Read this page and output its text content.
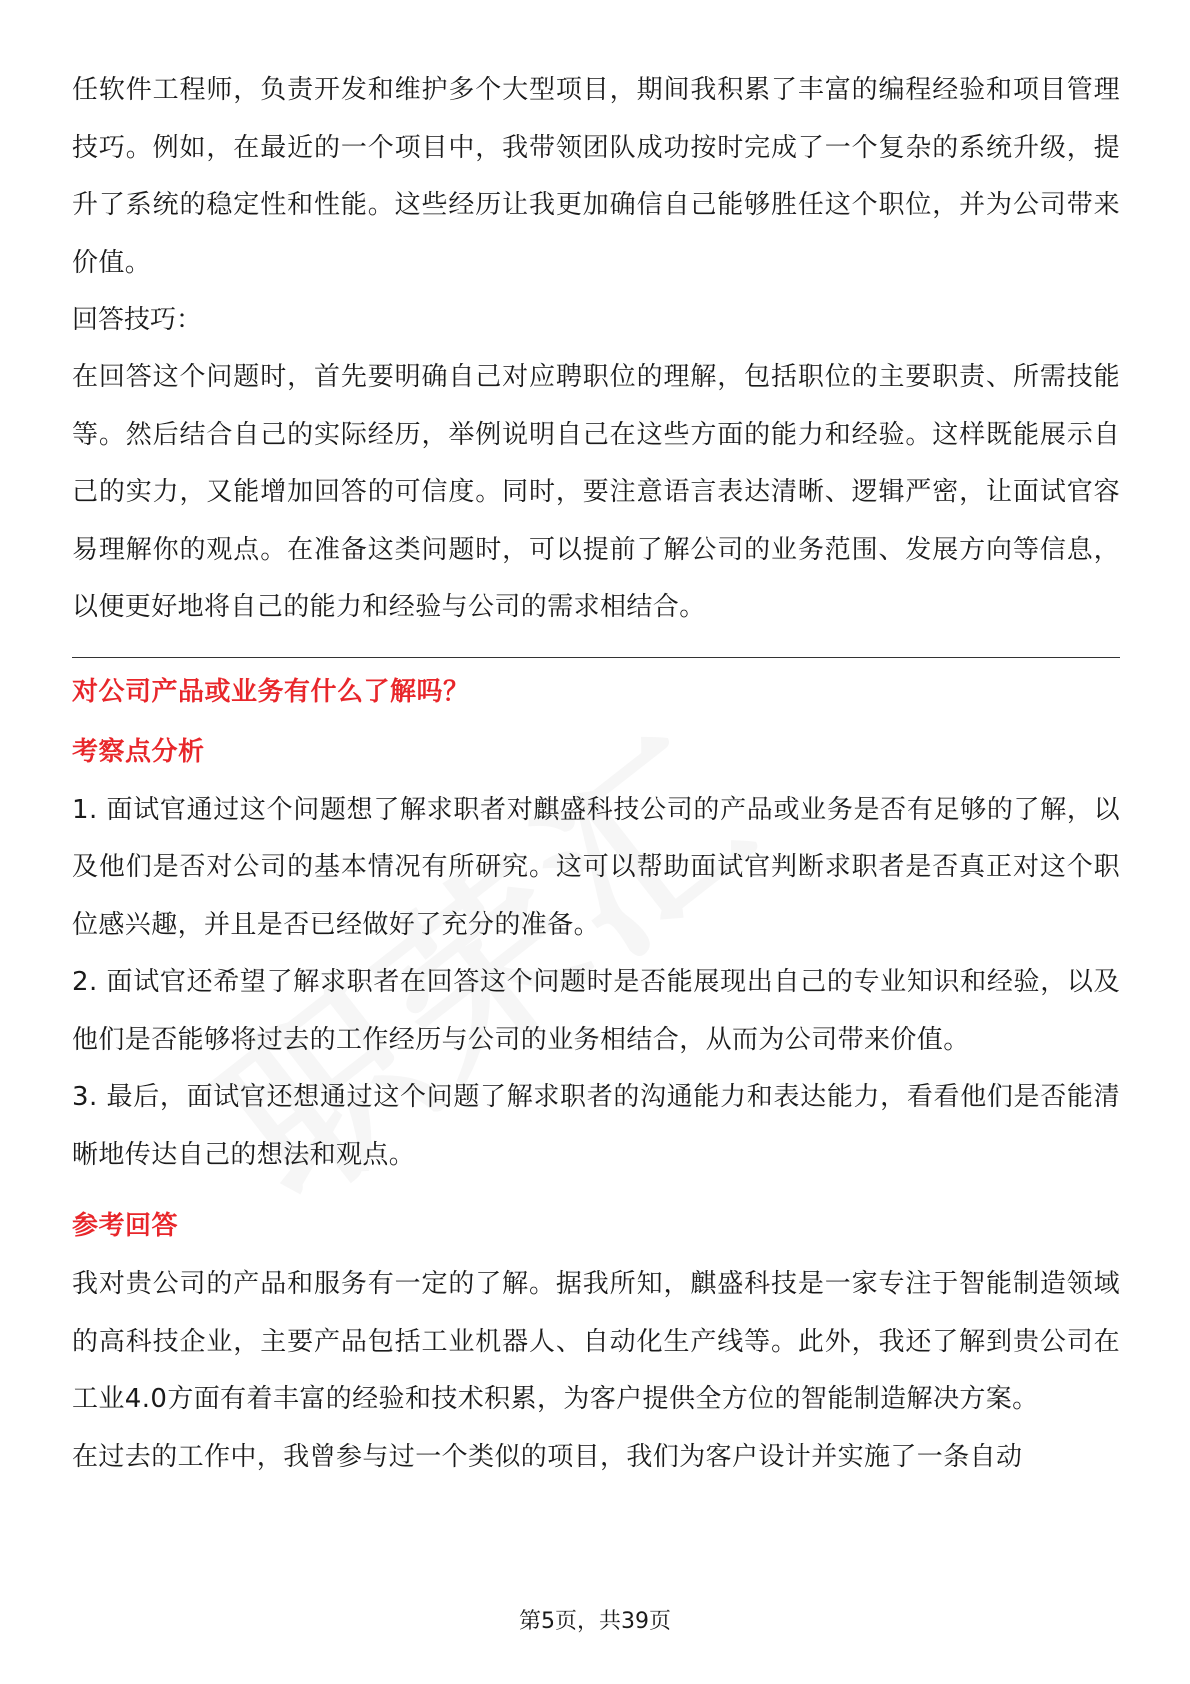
任软件工程师，负责开发和维护多个大型项目，期间我积累了丰富的编程经验和项目管理技巧。例如，在最近的一个项目中，我带领团队成功按时完成了一个复杂的系统升级，提升了系统的稳定性和性能。这些经历让我更加确信自己能够胜任这个职位，并为公司带来价值。

回答技巧：

在回答这个问题时，首先要明确自己对应聘职位的理解，包括职位的主要职责、所需技能等。然后结合自己的实际经历，举例说明自己在这些方面的能力和经验。这样既能展示自己的实力，又能增加回答的可信度。同时，要注意语言表达清晰、逻辑严密，让面试官容易理解你的观点。在准备这类问题时，可以提前了解公司的业务范围、发展方向等信息，以便更好地将自己的能力和经验与公司的需求相结合。

对公司产品或业务有什么了解吗？
考察点分析

1. 面试官通过这个问题想了解求职者对麒盛科技公司的产品或业务是否有足够的了解，以及他们是否对公司的基本情况有所研究。这可以帮助面试官判断求职者是否真正对这个职位感兴趣，并且是否已经做好了充分的准备。

2. 面试官还希望了解求职者在回答这个问题时是否能展现出自己的专业知识和经验，以及他们是否能够将过去的工作经历与公司的业务相结合，从而为公司带来价值。

3. 最后，面试官还想通过这个问题了解求职者的沟通能力和表达能力，看看他们是否能清晰地传达自己的想法和观点。

参考回答

我对贵公司的产品和服务有一定的了解。据我所知，麒盛科技是一家专注于智能制造领域的高科技企业，主要产品包括工业机器人、自动化生产线等。此外，我还了解到贵公司在工业4.0方面有着丰富的经验和技术积累，为客户提供全方位的智能制造解决方案。

在过去的工作中，我曾参与过一个类似的项目，我们为客户设计并实施了一条自动

第5页，共39页
